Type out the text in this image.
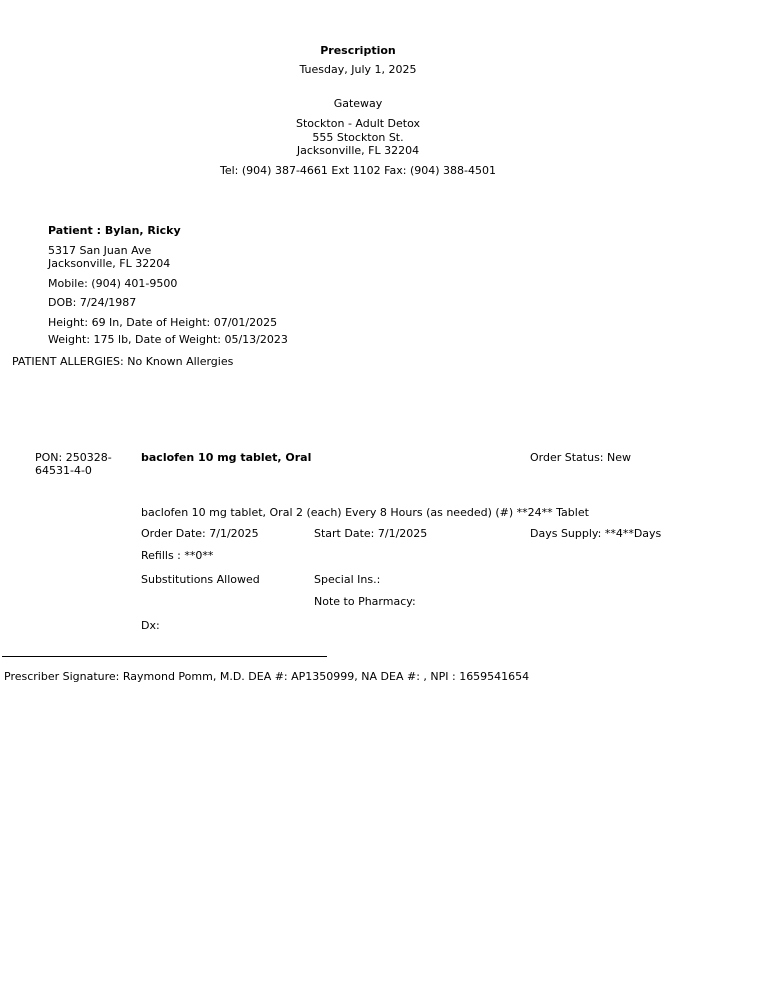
Prescription
Tuesday, July 1, 2025
Gateway
Stockton - Adult Detox
555 Stockton St.
Jacksonville, FL 32204
Tel: (904) 387-4661 Ext 1102 Fax: (904) 388-4501
Patient : Bylan, Ricky
5317 San Juan Ave
Jacksonville, FL 32204
Mobile: (904) 401-9500
DOB: 7/24/1987
Height: 69 In, Date of Height: 07/01/2025
Weight: 175 lb, Date of Weight: 05/13/2023
PATIENT ALLERGIES: No Known Allergies
PON: 250328-
64531-4-0
baclofen 10 mg tablet, Oral	Order Status: New
baclofen 10 mg tablet, Oral 2 (each) Every 8 Hours (as needed) (#) **24** Tablet
Order Date: 7/1/2025	Start Date: 7/1/2025	Days Supply: **4**Days
Refills : **0**
Substitutions Allowed	Special Ins.:
Note to Pharmacy:
Dx:
Prescriber Signature: Raymond Pomm, M.D. DEA #: AP1350999, NA DEA #: , NPI : 1659541654
